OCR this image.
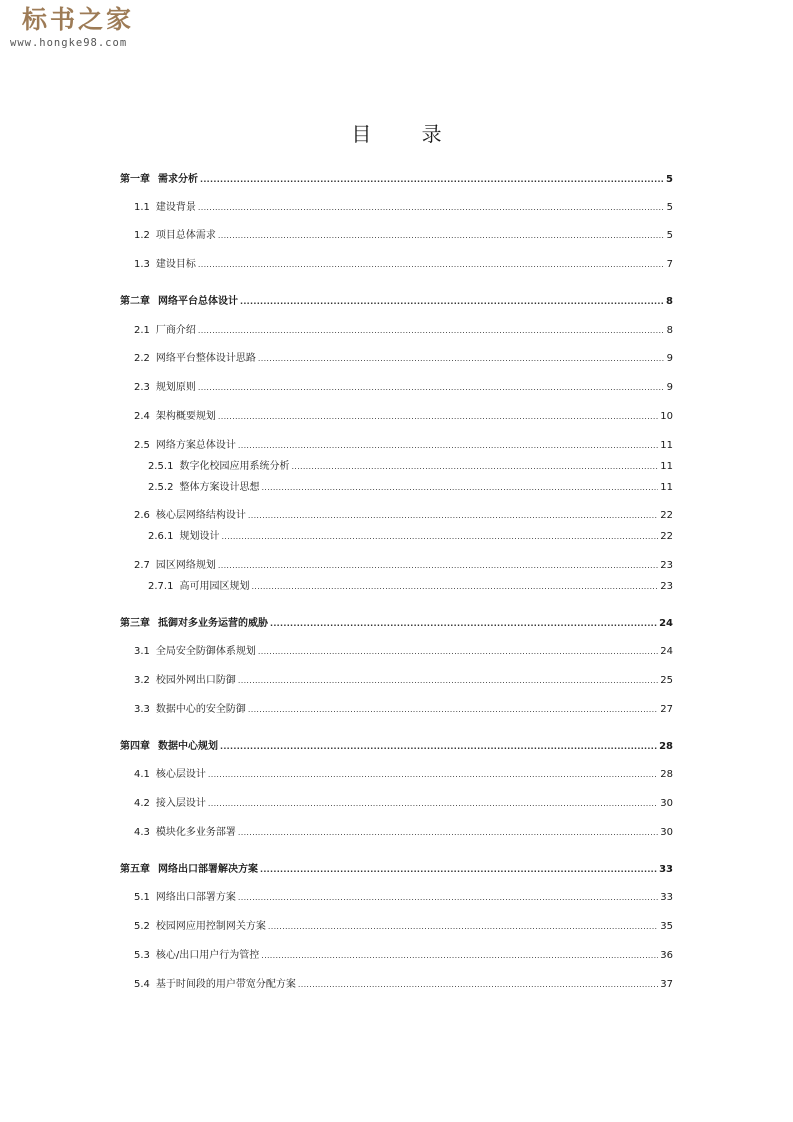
标书之家
www.hongke98.com
目 录
第一章 需求分析 .....	5
1.1 建设背景 .....	5
1.2 项目总体需求 .....	5
1.3 建设目标 .....	7
第二章 网络平台总体设计 .....	8
2.1 厂商介绍 .....	8
2.2 网络平台整体设计思路 .....	9
2.3 规划原则 .....	9
2.4 架构概要规划 .....	10
2.5 网络方案总体设计 .....	11
2.5.1 数字化校园应用系统分析 .....	11
2.5.2 整体方案设计思想 .....	11
2.6 核心层网络结构设计 .....	22
2.6.1 规划设计 .....	22
2.7 园区网络规划 .....	23
2.7.1 高可用园区规划 .....	23
第三章 抵御对多业务运营的威胁 .....	24
3.1 全局安全防御体系规划 .....	24
3.2 校园外网出口防御 .....	25
3.3 数据中心的安全防御 .....	27
第四章 数据中心规划 .....	28
4.1 核心层设计 .....	28
4.2 接入层设计 .....	30
4.3 模块化多业务部署 .....	30
第五章 网络出口部署解决方案 .....	33
5.1 网络出口部署方案 .....	33
5.2 校园网应用控制网关方案 .....	35
5.3 核心/出口用户行为管控 .....	36
5.4 基于时间段的用户带宽分配方案 .....	37
